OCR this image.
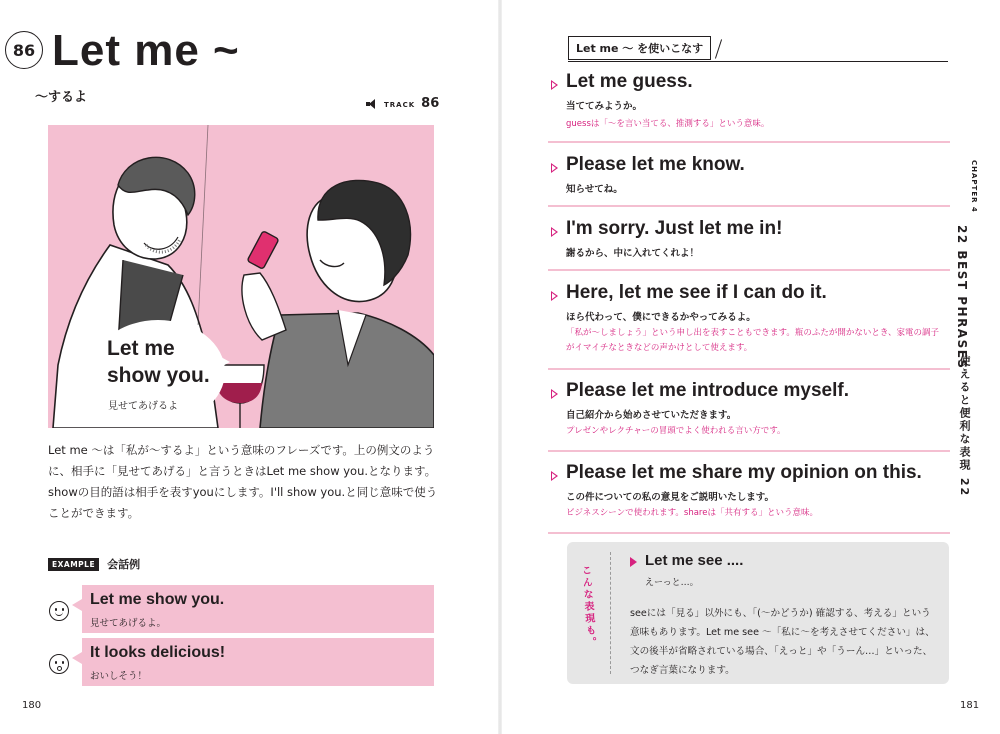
86 Let me ~
〜するよ	TRACK 86
Let me
show you.
見せてあげるよ
Let me 〜は「私が〜するよ」という意味のフレーズです。上の例文のように、相手に「見せてあげる」と言うときはLet me show you.となります。showの目的語は相手を表すyouにします。I'll show you.と同じ意味で使うことができます。
EXAMPLE	会話例
Let me show you.
見せてあげるよ。
It looks delicious!
おいしそう！
180
Let me 〜 を使いこなす
Let me guess.
当ててみようか。
guessは「〜を言い当てる、推測する」という意味。
Please let me know.
知らせてね。
I'm sorry. Just let me in!
謝るから、中に入れてくれよ！
Here, let me see if I can do it.
ほら代わって、僕にできるかやってみるよ。
「私が〜しましょう」という申し出を表すこともできます。瓶のふたが開かないとき、家電の調子がイマイチなときなどの声かけとして使えます。
Please let me introduce myself.
自己紹介から始めさせていただきます。
プレゼンやレクチャーの冒頭でよく使われる言い方です。
Please let me share my opinion on this.
この件についての私の意見をご説明いたします。
ビジネスシーンで使われます。shareは「共有する」という意味。
CHAPTER 4
22 BEST PHRASES
使えると便利な表現 22
こんな表現も。
Let me see ....
えーっと…。
seeには「見る」以外にも、「(〜かどうか) 確認する、考える」という意味もあります。Let me see 〜「私に〜を考えさせてください」は、文の後半が省略されている場合、「えっと」や「うーん…」といった、つなぎ言葉になります。
181
